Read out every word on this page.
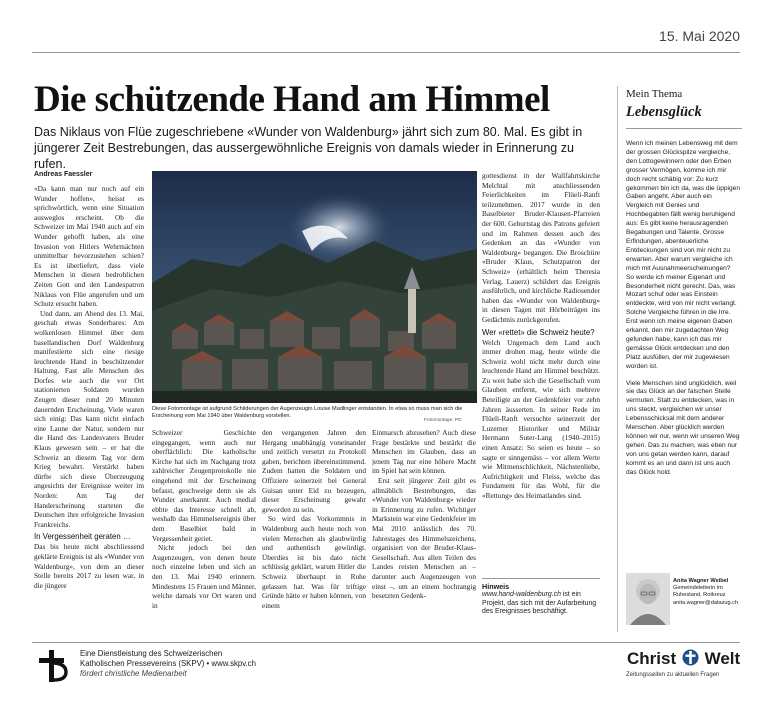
15. Mai 2020
Die schützende Hand am Himmel

Das Niklaus von Flüe zugeschriebene «Wunder von Waldenburg» jährt sich zum 80. Mal. Es gibt in jüngerer Zeit Bestrebungen, das aussergewöhnliche Ereignis von damals wieder in Erinnerung zu rufen.

Andreas Faessler

«Da kann man nur noch auf ein Wunder hoffen», heisst es sprichwörtlich, wenn eine Situation ausweglos erscheint. Ob die Schweizer im Mai 1940 auch auf ein Wunder gehofft haben, als eine Invasion von Hitlers Wehrmächten unmittelbar bevorzustehen schien? Es ist überliefert, dass viele Menschen in diesen bedrohlichen Zeiten Gott und den Landespatron Niklaus von Flüe angerufen und um Schutz ersucht haben.

Und dann, am Abend des 13. Mai, geschah etwas Sonderbares: Am wolkenlosen Himmel über dem basellandischen Dorf Waldenburg manifestierte sich eine riesige leuchtende Hand in beschützender Haltung. Fast alle Menschen des Dorfes wie auch die vor Ort stationierten Soldaten wurden Zeugen dieser rund 20 Minuten dauernden Erscheinung. Viele waren sich einig: Das kann nicht einfach eine Laune der Natur, sondern nur die Hand des Landesvaters Bruder Klaus gewesen sein – er hat die Schweiz an diesem Tag vor dem Krieg bewahrt. Verstärkt haben dürfte sich diese Überzeugung angesichts der Ereignisse weiter im Norden: Am Tag der Handerscheinung starteten die Deutschen ihre erfolgreiche Invasion Frankreichs.

In Vergessenheit geraten …

Das bis heute nicht abschliessend geklärte Ereignis ist als «Wunder von Waldenburg», von dem an dieser Stelle bereits 2017 zu lesen war, in die jüngere

Diese Fotomontage ist aufgrund Schilderungen der Augenzeugin Louise Madlinger entstanden. In etwa so muss man sich die Erscheinung vom Mai 1940 über Waldenburg vorstellen.

Fotomontage: PD

Schweizer Geschichte eingegangen, wenn auch nur oberflächlich: Die katholische Kirche hat sich im Nachgang trotz zahlreicher Zeugenprotokolle nie eingehend mit der Erscheinung befasst, geschweige denn sie als Wunder anerkannt. Auch medial ebbte das Interesse schnell ab, weshalb das Himmelsereignis über dem Baselbiet bald in Vergessenheit geriet.

Nicht jedoch bei den Augenzeugen, von denen heute noch einzelne leben und sich an den 13. Mai 1940 erinnern. Mindestens 15 Frauen und Männer, welche damals vor Ort waren und in

den vergangenen Jahren den Hergang unabhängig voneinander und zeitlich versetzt zu Protokoll gaben, berichten übereinstimmend. Zudem hatten die Soldaten und Offiziere seinerzeit bei General Guisan unter Eid zu bezeugen, dieser Erscheinung gewahr geworden zu sein.

So wird das Vorkommnis in Waldenburg auch heute noch von vielen Menschen als glaubwürdig und authentisch gewürdigt. Überdies ist bis dato nicht schlüssig geklärt, warum Hitler die Schweiz überhaupt in Ruhe gelassen hat. Was für triftige Gründe hätte er haben können, von einem

Einmarsch abzusehen? Auch diese Frage bestärkte und bestärkt die Menschen im Glauben, dass an jenem Tag nur eine höhere Macht im Spiel hat sein können.

Erst seit jüngerer Zeit gibt es allmählich Bestrebungen, das «Wunder von Waldenburg» wieder in Erinnerung zu rufen. Wichtiger Markstein war eine Gedenkfeier im Mai 2010 anlässlich des 70. Jahrestages des Himmelszeichens, organisiert von der Bruder-Klaus-Gesellschaft. Aus allen Teilen des Landes reisten Menschen an – darunter auch Augenzeugen von einst –, um an einem hochrangig besetzten Gedenk-

gottesdienst in der Wallfahrtskirche Melchtal mit anschliessenden Feierlichkeiten im Flüeli-Ranft teilzunehmen. 2017 wurde in den Baselbieter Bruder-Klausen-Pfarreien der 600. Geburtstag des Patrons gefeiert und im Rahmen dessen auch des Gedenken an das «Wunder von Waldenburg» begangen. Die Broschüre «Bruder Klaus, Schutzpatron der Schweiz» (erhältlich beim Theresia Verlag, Lauerz) schildert das Ereignis ausführlich, und kirchliche Radiosender haben das «Wunder von Waldenburg» in diesen Tagen mit Hörbeiträgen ins Gedächtnis zurückgerufen.

Wer «rettet» die Schweiz heute?

Welch Ungemach dem Land auch immer drohen mag, heute würde die Schweiz wohl nicht mehr durch eine leuchtende Hand am Himmel beschützt. Zu weit habe sich die Gesellschaft vom Glauben entfernt, wie sich mehrere Beteiligte an der Gedenkfeier vor zehn Jahren äusserten. In seiner Rede im Flüeli-Ranft versuchte seinerzeit der Luzerner Historiker und Militär Hermann Suter-Lang (1940–2015) einen Ansatz: So seien es heute – so sagte er sinngemäss – vor allem Werte wie Mitmenschlichkeit, Nächstenliebe, Aufrichtigkeit und Fleiss, welche das Fundament für das Wohl, für die «Rettung» des Heimatlandes sind.

Hinweis
www.hand-waldenburg.ch ist ein Projekt, das sich mit der Aufarbeitung des Ereignisses beschäftigt.
Mein Thema
Lebensglück

Wenn ich meinen Lebensweg mit dem der grossen Glückspilze vergleiche, den Lottogewinnern oder den Erben grosser Vermögen, komme ich mir doch recht schäbig vor: Zu kurz gekommen bin ich da, was die üppigen Gaben angeht. Aber auch ein Vergleich mit Genies und Hochbegabten fällt wenig beruhigend aus: Es gibt keine herausragenden Begabungen und Talente. Grosse Erfindungen, abenteuerliche Entdeckungen sind von mir nicht zu erwarten. Aber warum vergleiche ich mich mit Ausnahmeerscheinungen? So werde ich meiner Eigenart und Besonderheit nicht gerecht. Das, was Mozart schuf oder was Einstein entdeckte, wird von mir nicht verlangt. Solche Vergleiche führen in die Irre. Erst wenn ich meine eigenen Gaben erkannt, den mir zugedachten Weg gefunden habe, kann ich das mir gemässe Glück entdecken und den Platz ausfüllen, der mir zugewiesen worden ist.

Viele Menschen sind unglücklich, weil sie das Glück an der falschen Stelle vermuten. Statt zu entdecken, was in uns steckt, vergleichen wir unser Lebensschicksal mit dem anderer Menschen. Aber glücklich werden können wir nur, wenn wir unseren Weg gehen. Das zu machen, was eben nur von uns getan werden kann, darauf kommt es an und dann ist uns auch das Glück hold.

Anita Wagner Weibel
Gemeindeleiterin im Ruhestand, Rotkreuz
anita.wagner@datazug.ch
Eine Dienstleistung des Schweizerischen
Katholischen Pressevereins (SKPV) • www.skpv.ch
fördert christliche Medienarbeit
Christ Welt
Zeitungsseiten zu aktuellen Fragen
